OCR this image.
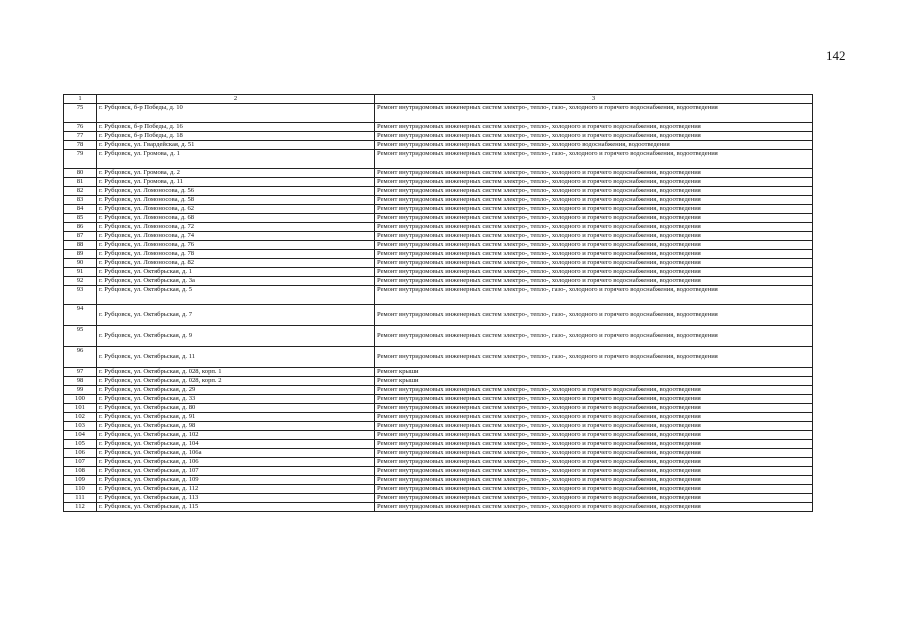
142
1	2	3
75	г. Рубцовск, б-р Победы, д. 10	Ремонт внутридомовых инженерных систем электро-, тепло-, газо-, холодного и горячего водоснабжения, водоотведения
76	г. Рубцовск, б-р Победы, д. 16	Ремонт внутридомовых инженерных систем электро-, тепло-, холодного и горячего водоснабжения, водоотведения
77	г. Рубцовск, б-р Победы, д. 18	Ремонт внутридомовых инженерных систем электро-, тепло-, холодного и горячего водоснабжения, водоотведения
78	г. Рубцовск, ул. Гвардейская, д. 51	Ремонт внутридомовых инженерных систем электро-, тепло-, холодного водоснабжения, водоотведения
79	г. Рубцовск, ул. Громова, д. 1	Ремонт внутридомовых инженерных систем электро-, тепло-, газо-, холодного и горячего водоснабжения, водоотведения
80	г. Рубцовск, ул. Громова, д. 2	Ремонт внутридомовых инженерных систем электро-, тепло-, холодного и горячего водоснабжения, водоотведения
81	г. Рубцовск, ул. Громова, д. 11	Ремонт внутридомовых инженерных систем электро-, тепло-, холодного и горячего водоснабжения, водоотведения
82	г. Рубцовск, ул. Ломоносова, д. 56	Ремонт внутридомовых инженерных систем электро-, тепло-, холодного и горячего водоснабжения, водоотведения
83	г. Рубцовск, ул. Ломоносова, д. 58	Ремонт внутридомовых инженерных систем электро-, тепло-, холодного и горячего водоснабжения, водоотведения
84	г. Рубцовск, ул. Ломоносова, д. 62	Ремонт внутридомовых инженерных систем электро-, тепло-, холодного и горячего водоснабжения, водоотведения
85	г. Рубцовск, ул. Ломоносова, д. 68	Ремонт внутридомовых инженерных систем электро-, тепло-, холодного и горячего водоснабжения, водоотведения
86	г. Рубцовск, ул. Ломоносова, д. 72	Ремонт внутридомовых инженерных систем электро-, тепло-, холодного и горячего водоснабжения, водоотведения
87	г. Рубцовск, ул. Ломоносова, д. 74	Ремонт внутридомовых инженерных систем электро-, тепло-, холодного и горячего водоснабжения, водоотведения
88	г. Рубцовск, ул. Ломоносова, д. 76	Ремонт внутридомовых инженерных систем электро-, тепло-, холодного и горячего водоснабжения, водоотведения
89	г. Рубцовск, ул. Ломоносова, д. 78	Ремонт внутридомовых инженерных систем электро-, тепло-, холодного и горячего водоснабжения, водоотведения
90	г. Рубцовск, ул. Ломоносова, д. 82	Ремонт внутридомовых инженерных систем электро-, тепло-, холодного и горячего водоснабжения, водоотведения
91	г. Рубцовск, ул. Октябрьская, д. 1	Ремонт внутридомовых инженерных систем электро-, тепло-, холодного и горячего водоснабжения, водоотведения
92	г. Рубцовск, ул. Октябрьская, д. 3а	Ремонт внутридомовых инженерных систем электро-, тепло-, холодного и горячего водоснабжения, водоотведения
93	г. Рубцовск, ул. Октябрьская, д. 5	Ремонт внутридомовых инженерных систем электро-, тепло-, газо-, холодного и горячего водоснабжения, водоотведения
94	г. Рубцовск, ул. Октябрьская, д. 7	Ремонт внутридомовых инженерных систем электро-, тепло-, газо-, холодного и горячего водоснабжения, водоотведения
95	г. Рубцовск, ул. Октябрьская, д. 9	Ремонт внутридомовых инженерных систем электро-, тепло-, газо-, холодного и горячего водоснабжения, водоотведения
96	г. Рубцовск, ул. Октябрьская, д. 11	Ремонт внутридомовых инженерных систем электро-, тепло-, газо-, холодного и горячего водоснабжения, водоотведения
97	г. Рубцовск, ул. Октябрьская, д. 028, корп. 1	Ремонт крыши
98	г. Рубцовск, ул. Октябрьская, д. 028, корп. 2	Ремонт крыши
99	г. Рубцовск, ул. Октябрьская, д. 29	Ремонт внутридомовых инженерных систем электро-, тепло-, холодного и горячего водоснабжения, водоотведения
100	г. Рубцовск, ул. Октябрьская, д. 33	Ремонт внутридомовых инженерных систем электро-, тепло-, холодного и горячего водоснабжения, водоотведения
101	г. Рубцовск, ул. Октябрьская, д. 80	Ремонт внутридомовых инженерных систем электро-, тепло-, холодного и горячего водоснабжения, водоотведения
102	г. Рубцовск, ул. Октябрьская, д. 91	Ремонт внутридомовых инженерных систем электро-, тепло-, холодного и горячего водоснабжения, водоотведения
103	г. Рубцовск, ул. Октябрьская, д. 98	Ремонт внутридомовых инженерных систем электро-, тепло-, холодного и горячего водоснабжения, водоотведения
104	г. Рубцовск, ул. Октябрьская, д. 102	Ремонт внутридомовых инженерных систем электро-, тепло-, холодного и горячего водоснабжения, водоотведения
105	г. Рубцовск, ул. Октябрьская, д. 104	Ремонт внутридомовых инженерных систем электро-, тепло-, холодного и горячего водоснабжения, водоотведения
106	г. Рубцовск, ул. Октябрьская, д. 106а	Ремонт внутридомовых инженерных систем электро-, тепло-, холодного и горячего водоснабжения, водоотведения
107	г. Рубцовск, ул. Октябрьская, д. 106	Ремонт внутридомовых инженерных систем электро-, тепло-, холодного и горячего водоснабжения, водоотведения
108	г. Рубцовск, ул. Октябрьская, д. 107	Ремонт внутридомовых инженерных систем электро-, тепло-, холодного и горячего водоснабжения, водоотведения
109	г. Рубцовск, ул. Октябрьская, д. 109	Ремонт внутридомовых инженерных систем электро-, тепло-, холодного и горячего водоснабжения, водоотведения
110	г. Рубцовск, ул. Октябрьская, д. 112	Ремонт внутридомовых инженерных систем электро-, тепло-, холодного и горячего водоснабжения, водоотведения
111	г. Рубцовск, ул. Октябрьская, д. 113	Ремонт внутридомовых инженерных систем электро-, тепло-, холодного и горячего водоснабжения, водоотведения
112	г. Рубцовск, ул. Октябрьская, д. 115	Ремонт внутридомовых инженерных систем электро-, тепло-, холодного и горячего водоснабжения, водоотведения
